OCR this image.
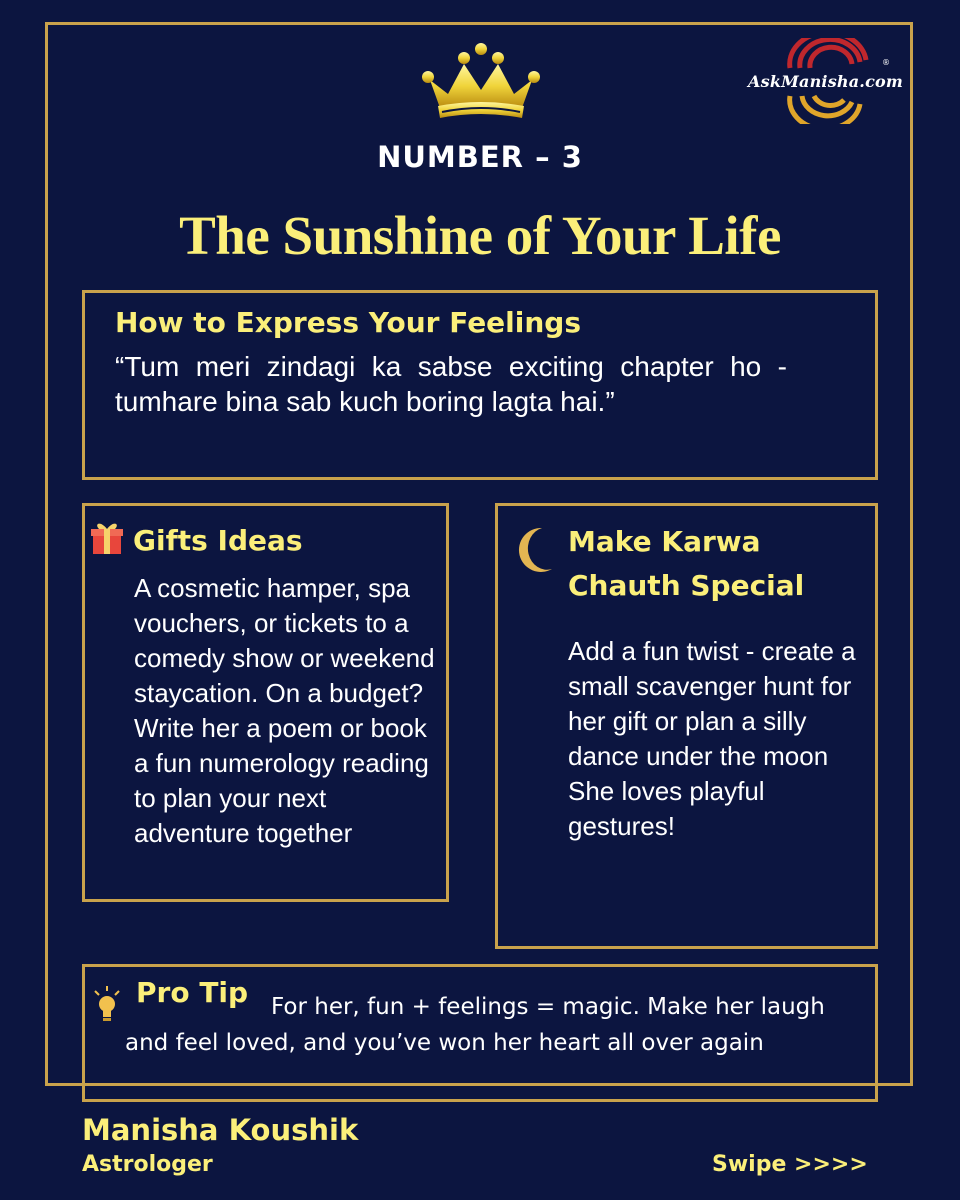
AskManisha.com
®
NUMBER – 3
The Sunshine of Your Life
How to Express Your Feelings
“Tum meri zindagi ka sabse exciting chapter ho - tumhare bina sab kuch boring lagta hai.”
Gifts Ideas
A cosmetic hamper, spa vouchers, or tickets to a comedy show or weekend staycation. On a budget? Write her a poem or book a fun numerology reading to plan your next adventure together
Make Karwa Chauth Special
Add a fun twist - create a small scavenger hunt for her gift or plan a silly dance under the moon She loves playful gestures!
Pro Tip For her, fun + feelings = magic. Make her laugh and feel loved, and you’ve won her heart all over again
Manisha Koushik
Astrologer	Swipe >>>>
